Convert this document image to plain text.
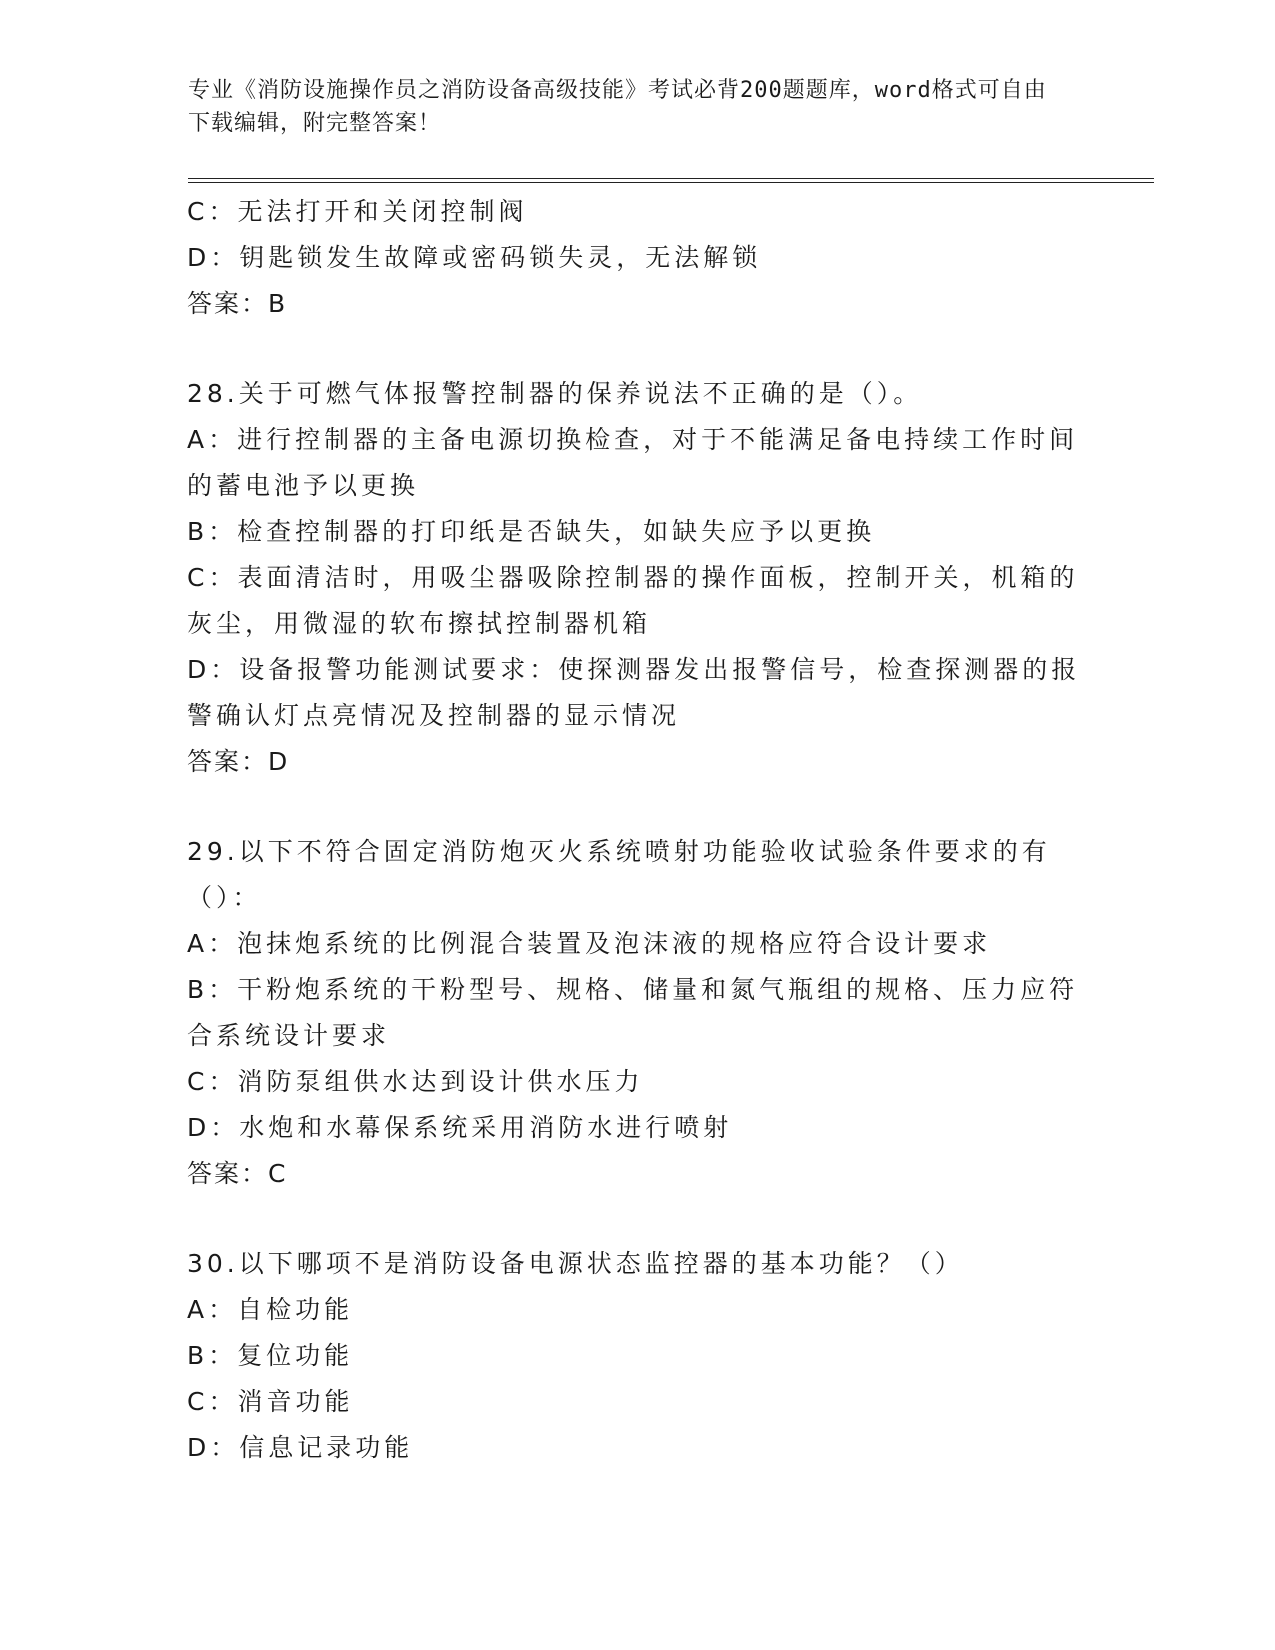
专业《消防设施操作员之消防设备高级技能》考试必背200题题库，word格式可自由下载编辑，附完整答案！
C：无法打开和关闭控制阀
D：钥匙锁发生故障或密码锁失灵，无法解锁
答案：B
28.关于可燃气体报警控制器的保养说法不正确的是（）。
A：进行控制器的主备电源切换检查，对于不能满足备电持续工作时间的蓄电池予以更换
B：检查控制器的打印纸是否缺失，如缺失应予以更换
C：表面清洁时，用吸尘器吸除控制器的操作面板，控制开关，机箱的灰尘，用微湿的软布擦拭控制器机箱
D：设备报警功能测试要求：使探测器发出报警信号，检查探测器的报警确认灯点亮情况及控制器的显示情况
答案：D
29.以下不符合固定消防炮灭火系统喷射功能验收试验条件要求的有（）：
A：泡抹炮系统的比例混合装置及泡沫液的规格应符合设计要求
B：干粉炮系统的干粉型号、规格、储量和氮气瓶组的规格、压力应符合系统设计要求
C：消防泵组供水达到设计供水压力
D：水炮和水幕保系统采用消防水进行喷射
答案：C
30.以下哪项不是消防设备电源状态监控器的基本功能？（）
A：自检功能
B：复位功能
C：消音功能
D：信息记录功能
